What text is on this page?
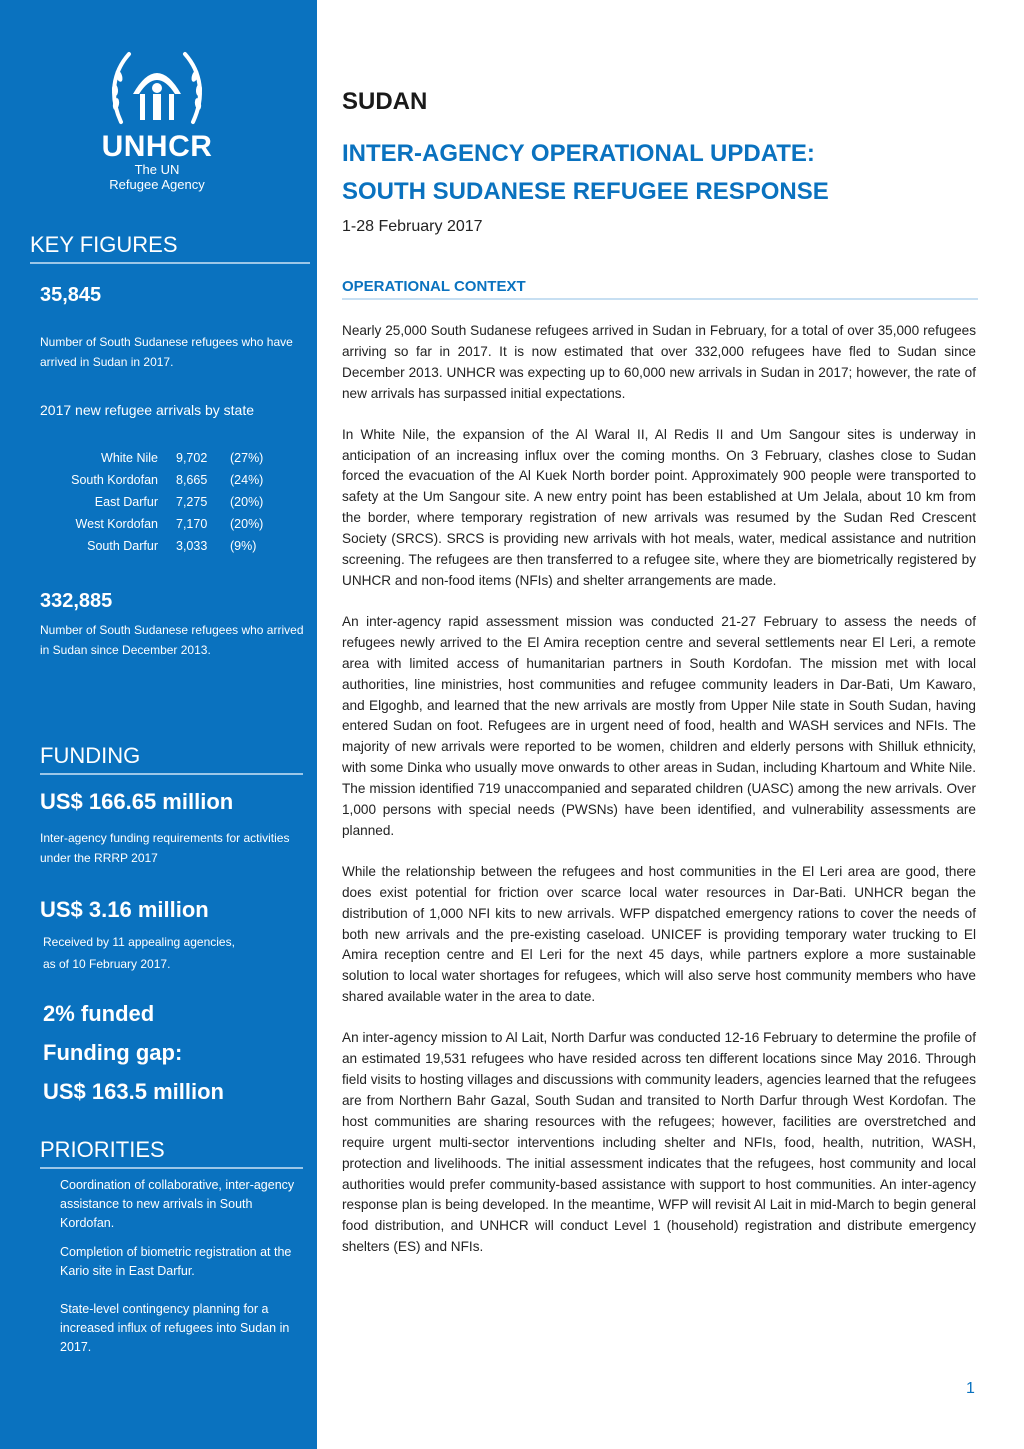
UNHCR
The UN
Refugee Agency
KEY FIGURES
35,845
Number of South Sudanese refugees who have arrived in Sudan in 2017.
2017 new refugee arrivals by state
White Nile	9,702	(27%)
South Kordofan	8,665	(24%)
East Darfur	7,275	(20%)
West Kordofan	7,170	(20%)
South Darfur	3,033	(9%)
332,885
Number of South Sudanese refugees who arrived in Sudan since December 2013.
FUNDING
US$ 166.65 million
Inter-agency funding requirements for activities under the RRRP 2017
US$ 3.16 million
Received by 11 appealing agencies,
as of 10 February 2017.
2% funded
Funding gap:
US$ 163.5 million
PRIORITIES
Coordination of collaborative, inter-agency assistance to new arrivals in South Kordofan.
Completion of biometric registration at the Kario site in East Darfur.
State-level contingency planning for a increased influx of refugees into Sudan in 2017.
SUDAN
INTER-AGENCY OPERATIONAL UPDATE:
SOUTH SUDANESE REFUGEE RESPONSE
1-28 February 2017
OPERATIONAL CONTEXT

Nearly 25,000 South Sudanese refugees arrived in Sudan in February, for a total of over 35,000 refugees arriving so far in 2017. It is now estimated that over 332,000 refugees have fled to Sudan since December 2013. UNHCR was expecting up to 60,000 new arrivals in Sudan in 2017; however, the rate of new arrivals has surpassed initial expectations.

In White Nile, the expansion of the Al Waral II, Al Redis II and Um Sangour sites is underway in anticipation of an increasing influx over the coming months. On 3 February, clashes close to Sudan forced the evacuation of the Al Kuek North border point. Approximately 900 people were transported to safety at the Um Sangour site. A new entry point has been established at Um Jelala, about 10 km from the border, where temporary registration of new arrivals was resumed by the Sudan Red Crescent Society (SRCS). SRCS is providing new arrivals with hot meals, water, medical assistance and nutrition screening. The refugees are then transferred to a refugee site, where they are biometrically registered by UNHCR and non-food items (NFIs) and shelter arrangements are made.

An inter-agency rapid assessment mission was conducted 21-27 February to assess the needs of refugees newly arrived to the El Amira reception centre and several settlements near El Leri, a remote area with limited access of humanitarian partners in South Kordofan. The mission met with local authorities, line ministries, host communities and refugee community leaders in Dar-Bati, Um Kawaro, and Elgoghb, and learned that the new arrivals are mostly from Upper Nile state in South Sudan, having entered Sudan on foot. Refugees are in urgent need of food, health and WASH services and NFIs. The majority of new arrivals were reported to be women, children and elderly persons with Shilluk ethnicity, with some Dinka who usually move onwards to other areas in Sudan, including Khartoum and White Nile. The mission identified 719 unaccompanied and separated children (UASC) among the new arrivals. Over 1,000 persons with special needs (PWSNs) have been identified, and vulnerability assessments are planned.

While the relationship between the refugees and host communities in the El Leri area are good, there does exist potential for friction over scarce local water resources in Dar-Bati. UNHCR began the distribution of 1,000 NFI kits to new arrivals. WFP dispatched emergency rations to cover the needs of both new arrivals and the pre-existing caseload. UNICEF is providing temporary water trucking to El Amira reception centre and El Leri for the next 45 days, while partners explore a more sustainable solution to local water shortages for refugees, which will also serve host community members who have shared available water in the area to date.

An inter-agency mission to Al Lait, North Darfur was conducted 12-16 February to determine the profile of an estimated 19,531 refugees who have resided across ten different locations since May 2016. Through field visits to hosting villages and discussions with community leaders, agencies learned that the refugees are from Northern Bahr Gazal, South Sudan and transited to North Darfur through West Kordofan. The host communities are sharing resources with the refugees; however, facilities are overstretched and require urgent multi-sector interventions including shelter and NFIs, food, health, nutrition, WASH, protection and livelihoods. The initial assessment indicates that the refugees, host community and local authorities would prefer community-based assistance with support to host communities. An inter-agency response plan is being developed. In the meantime, WFP will revisit Al Lait in mid-March to begin general food distribution, and UNHCR will conduct Level 1 (household) registration and distribute emergency shelters (ES) and NFIs.

1
